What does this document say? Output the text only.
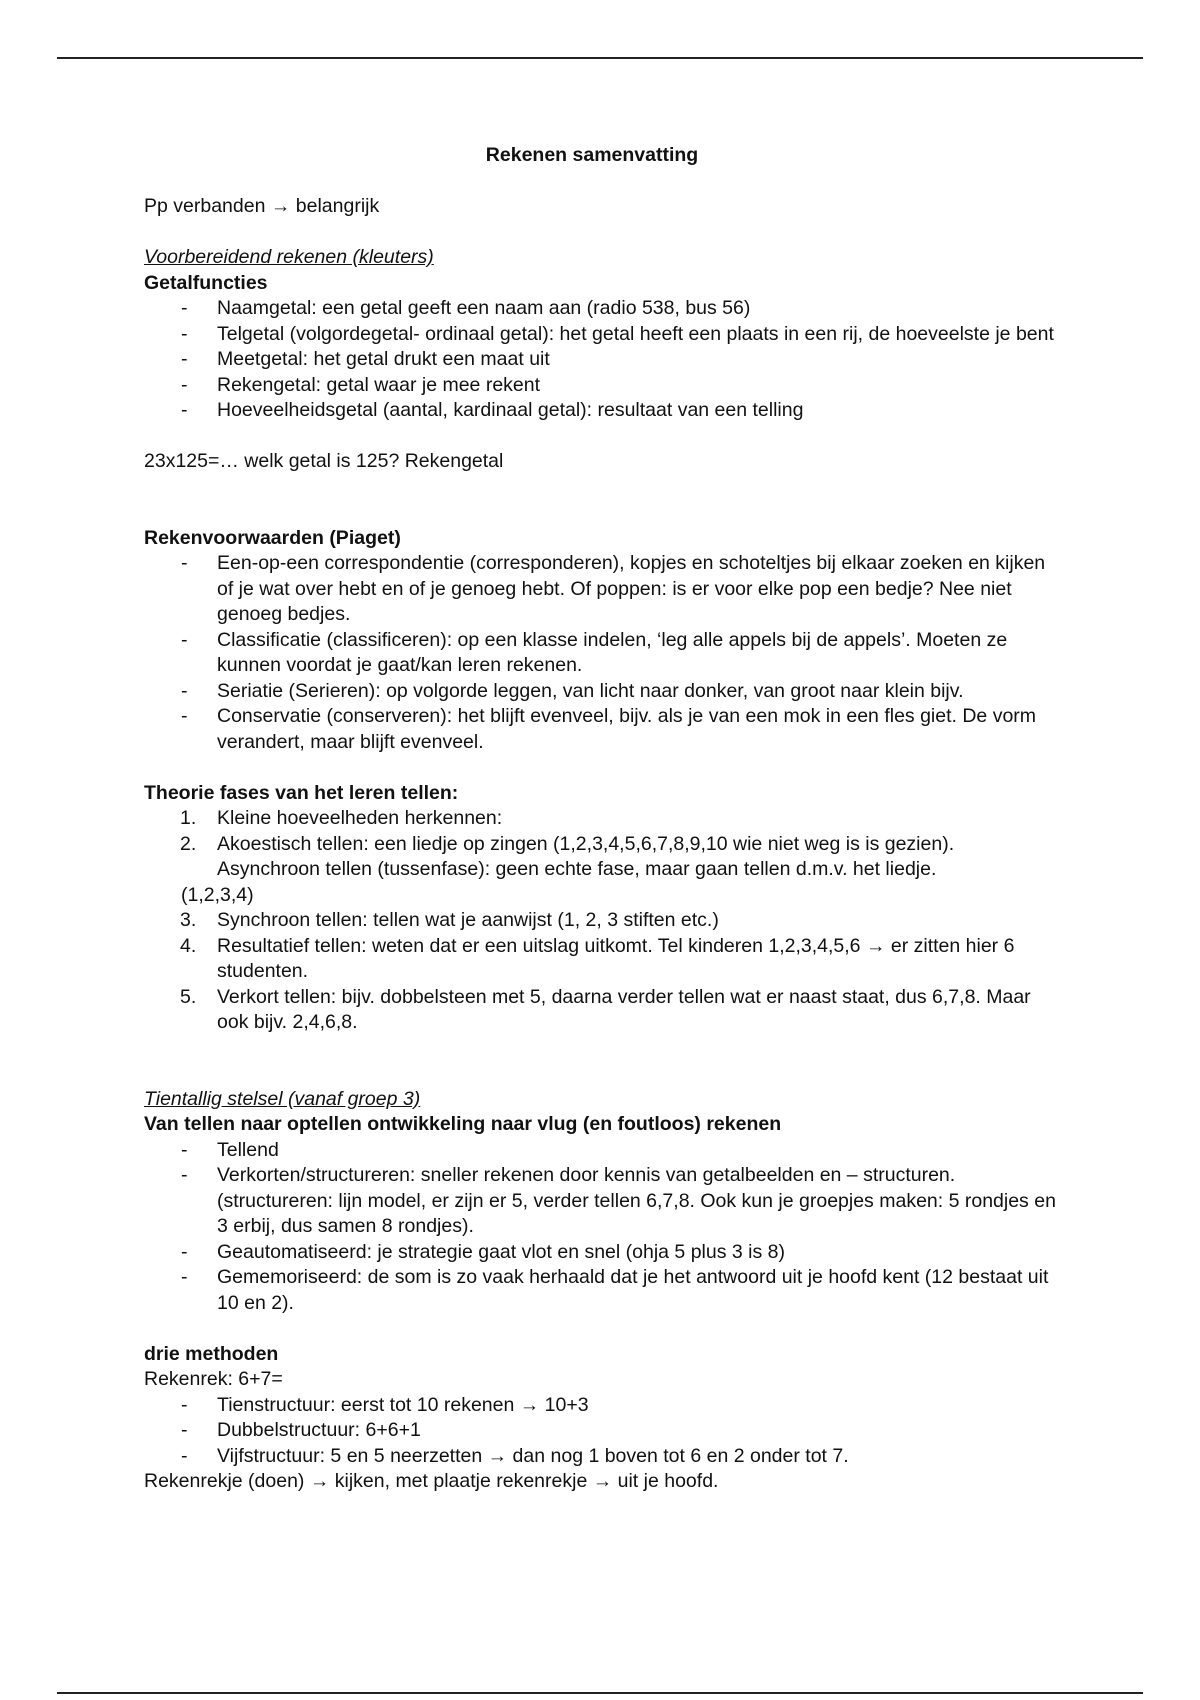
Rekenen samenvatting

Pp verbanden → belangrijk

Voorbereidend rekenen (kleuters)

Getalfuncties

- Naamgetal: een getal geeft een naam aan (radio 538, bus 56)
- Telgetal (volgordegetal- ordinaal getal): het getal heeft een plaats in een rij, de hoeveelste je bent
- Meetgetal: het getal drukt een maat uit
- Rekengetal: getal waar je mee rekent
- Hoeveelheidsgetal (aantal, kardinaal getal): resultaat van een telling

23x125=… welk getal is 125? Rekengetal

Rekenvoorwaarden (Piaget)

- Een-op-een correspondentie (corresponderen), kopjes en schoteltjes bij elkaar zoeken en kijken of je wat over hebt en of je genoeg hebt. Of poppen: is er voor elke pop een bedje? Nee niet genoeg bedjes.
- Classificatie (classificeren): op een klasse indelen, ‘leg alle appels bij de appels’. Moeten ze kunnen voordat je gaat/kan leren rekenen.
- Seriatie (Serieren): op volgorde leggen, van licht naar donker, van groot naar klein bijv.
- Conservatie (conserveren): het blijft evenveel, bijv. als je van een mok in een fles giet. De vorm verandert, maar blijft evenveel.

Theorie fases van het leren tellen:

1.	Kleine hoeveelheden herkennen:
2.	Akoestisch tellen: een liedje op zingen (1,2,3,4,5,6,7,8,9,10 wie niet weg is is gezien).

Asynchroon tellen (tussenfase): geen echte fase, maar gaan tellen d.m.v. het liedje.

(1,2,3,4)

3.	Synchroon tellen: tellen wat je aanwijst (1, 2, 3 stiften etc.)
4.	Resultatief tellen: weten dat er een uitslag uitkomt. Tel kinderen 1,2,3,4,5,6 → er zitten hier 6 studenten.
5.	Verkort tellen: bijv. dobbelsteen met 5, daarna verder tellen wat er naast staat, dus 6,7,8. Maar ook bijv. 2,4,6,8.

Tientallig stelsel (vanaf groep 3)

Van tellen naar optellen ontwikkeling naar vlug (en foutloos) rekenen

- Tellend
- Verkorten/structureren: sneller rekenen door kennis van getalbeelden en – structuren. (structureren: lijn model, er zijn er 5, verder tellen 6,7,8. Ook kun je groepjes maken: 5 rondjes en 3 erbij, dus samen 8 rondjes).
- Geautomatiseerd: je strategie gaat vlot en snel (ohja 5 plus 3 is 8)
- Gememoriseerd: de som is zo vaak herhaald dat je het antwoord uit je hoofd kent (12 bestaat uit 10 en 2).

drie methoden

Rekenrek: 6+7=

- Tienstructuur: eerst tot 10 rekenen → 10+3
- Dubbelstructuur: 6+6+1
- Vijfstructuur: 5 en 5 neerzetten → dan nog 1 boven tot 6 en 2 onder tot 7.

Rekenrekje (doen) → kijken, met plaatje rekenrekje → uit je hoofd.
